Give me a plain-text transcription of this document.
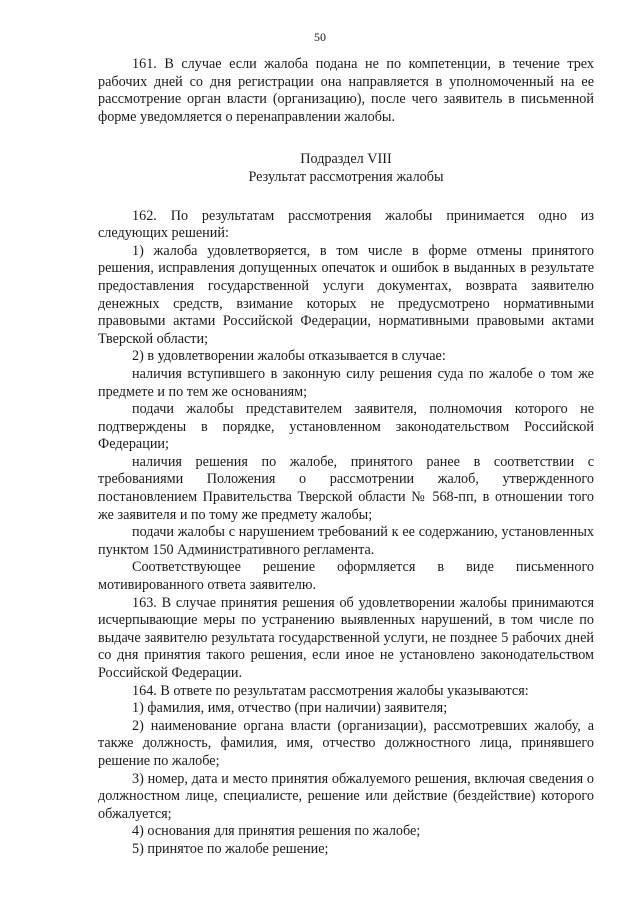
50

161. В случае если жалоба подана не по компетенции, в течение трех рабочих дней со дня регистрации она направляется в уполномоченный на ее рассмотрение орган власти (организацию), после чего заявитель в письменной форме уведомляется о перенаправлении жалобы.

Подраздел VIII

Результат рассмотрения жалобы

162. По результатам рассмотрения жалобы принимается одно из следующих решений:

1) жалоба удовлетворяется, в том числе в форме отмены принятого решения, исправления допущенных опечаток и ошибок в выданных в результате предоставления государственной услуги документах, возврата заявителю денежных средств, взимание которых не предусмотрено нормативными правовыми актами Российской Федерации, нормативными правовыми актами Тверской области;

2) в удовлетворении жалобы отказывается в случае:

наличия вступившего в законную силу решения суда по жалобе о том же предмете и по тем же основаниям;

подачи жалобы представителем заявителя, полномочия которого не подтверждены в порядке, установленном законодательством Российской Федерации;

наличия решения по жалобе, принятого ранее в соответствии с требованиями Положения о рассмотрении жалоб, утвержденного постановлением Правительства Тверской области № 568-пп, в отношении того же заявителя и по тому же предмету жалобы;

подачи жалобы с нарушением требований к ее содержанию, установленных пунктом 150 Административного регламента.

Соответствующее решение оформляется в виде письменного мотивированного ответа заявителю.

163. В случае принятия решения об удовлетворении жалобы принимаются исчерпывающие меры по устранению выявленных нарушений, в том числе по выдаче заявителю результата государственной услуги, не позднее 5 рабочих дней со дня принятия такого решения, если иное не установлено законодательством Российской Федерации.

164. В ответе по результатам рассмотрения жалобы указываются:

1) фамилия, имя, отчество (при наличии) заявителя;

2) наименование органа власти (организации), рассмотревших жалобу, а также должность, фамилия, имя, отчество должностного лица, принявшего решение по жалобе;

3) номер, дата и место принятия обжалуемого решения, включая сведения о должностном лице, специалисте, решение или действие (бездействие) которого обжалуется;

4) основания для принятия решения по жалобе;

5) принятое по жалобе решение;
